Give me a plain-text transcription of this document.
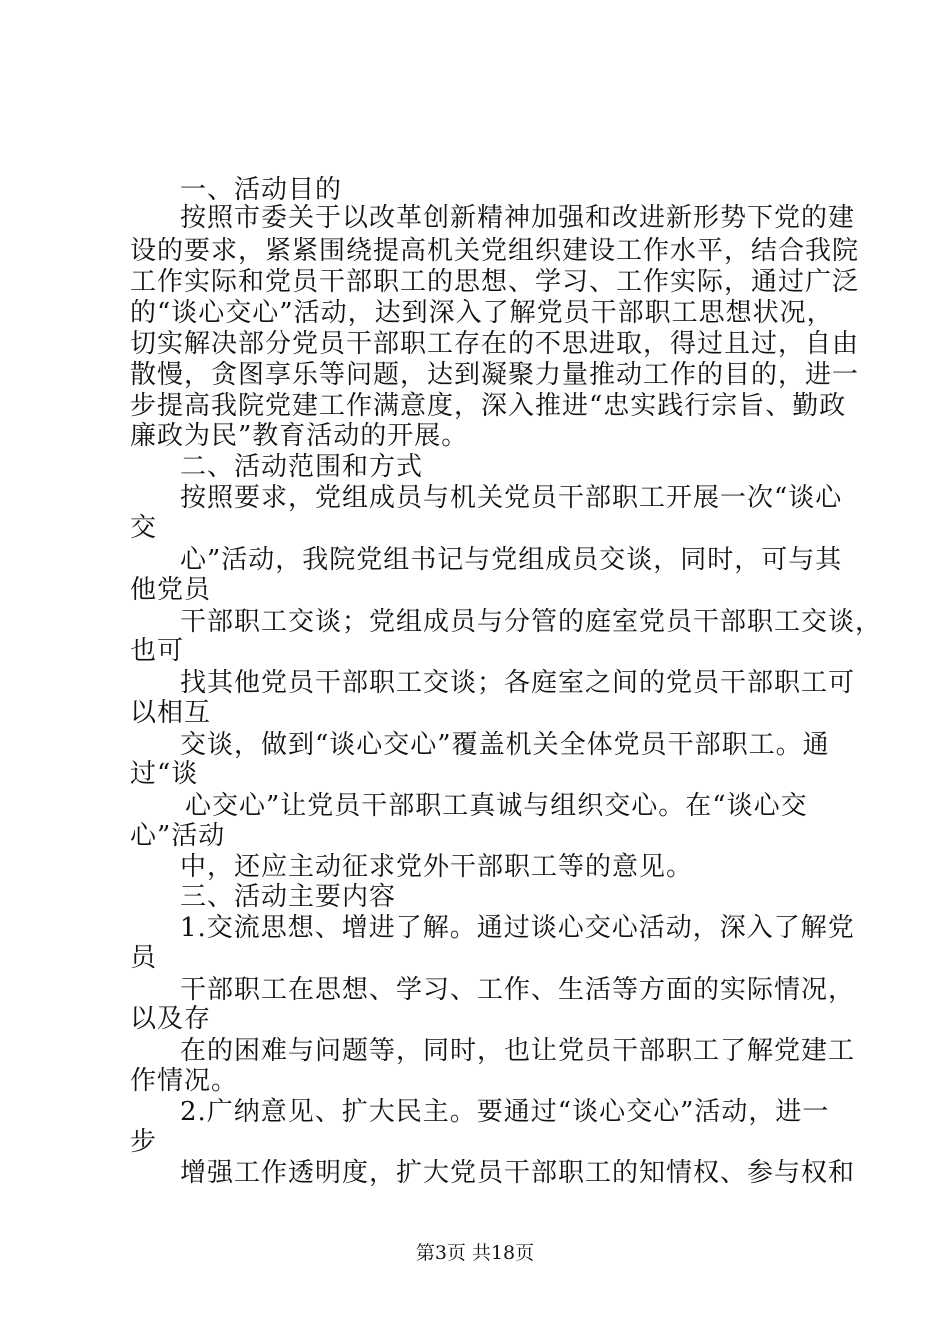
一、活动目的
按照市委关于以改革创新精神加强和改进新形势下党的建
设的要求，紧紧围绕提高机关党组织建设工作水平，结合我院
工作实际和党员干部职工的思想、学习、工作实际，通过广泛
的“谈心交心”活动，达到深入了解党员干部职工思想状况，
切实解决部分党员干部职工存在的不思进取，得过且过，自由
散慢，贪图享乐等问题，达到凝聚力量推动工作的目的，进一
步提高我院党建工作满意度，深入推进“忠实践行宗旨、勤政
廉政为民”教育活动的开展。
二、活动范围和方式
按照要求，党组成员与机关党员干部职工开展一次“谈心
交
心”活动，我院党组书记与党组成员交谈，同时，可与其
他党员
干部职工交谈；党组成员与分管的庭室党员干部职工交谈，
也可
找其他党员干部职工交谈；各庭室之间的党员干部职工可
以相互
交谈，做到“谈心交心”覆盖机关全体党员干部职工。通
过“谈
心交心”让党员干部职工真诚与组织交心。在“谈心交
心”活动
中，还应主动征求党外干部职工等的意见。
三、活动主要内容
1.交流思想、增进了解。通过谈心交心活动，深入了解党
员
干部职工在思想、学习、工作、生活等方面的实际情况，
以及存
在的困难与问题等，同时，也让党员干部职工了解党建工
作情况。
2.广纳意见、扩大民主。要通过“谈心交心”活动，进一
步
增强工作透明度，扩大党员干部职工的知情权、参与权和
第3页 共18页
